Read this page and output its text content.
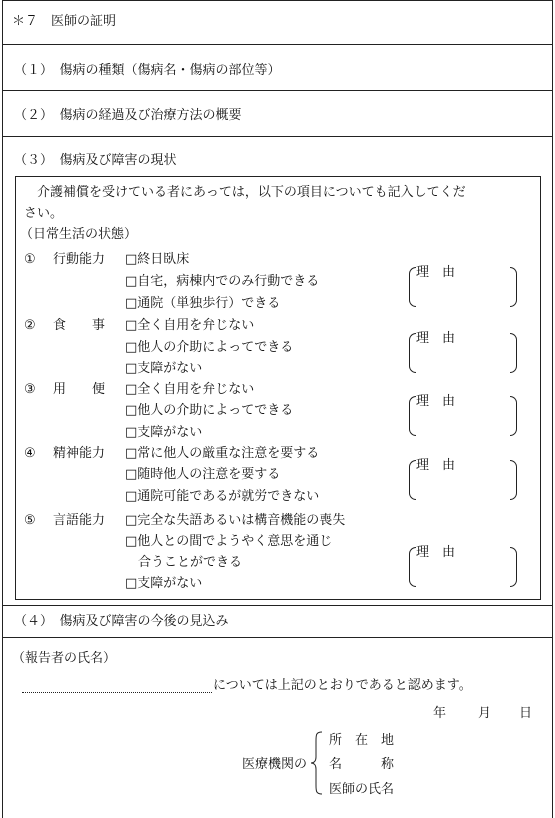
＊７　医師の証明
（１）　傷病の種類（傷病名・傷病の部位等）
（２）　傷病の経過及び治療方法の概要
（３）　傷病及び障害の現状
介護補償を受けている者にあっては，以下の項目についても記入してくだ
さい。
（日常生活の状態）
① 行動能力 □終日臥床
□自宅，病棟内でのみ行動できる
□通院（単独歩行）できる
理　由
② 食　　事 □全く自用を弁じない
□他人の介助によってできる
□支障がない
理　由
③ 用　　便 □全く自用を弁じない
□他人の介助によってできる
□支障がない
理　由
④ 精神能力 □常に他人の厳重な注意を要する
□随時他人の注意を要する
□通院可能であるが就労できない
理　由
⑤ 言語能力 □完全な失語あるいは構音機能の喪失
□他人との間でようやく意思を通じ
　合うことができる
□支障がない
理　由
（４）　傷病及び障害の今後の見込み
（報告者の氏名）
については上記のとおりであると認めます。
年 月 日
医療機関の
所　在　地
名　　　称
医師の氏名
